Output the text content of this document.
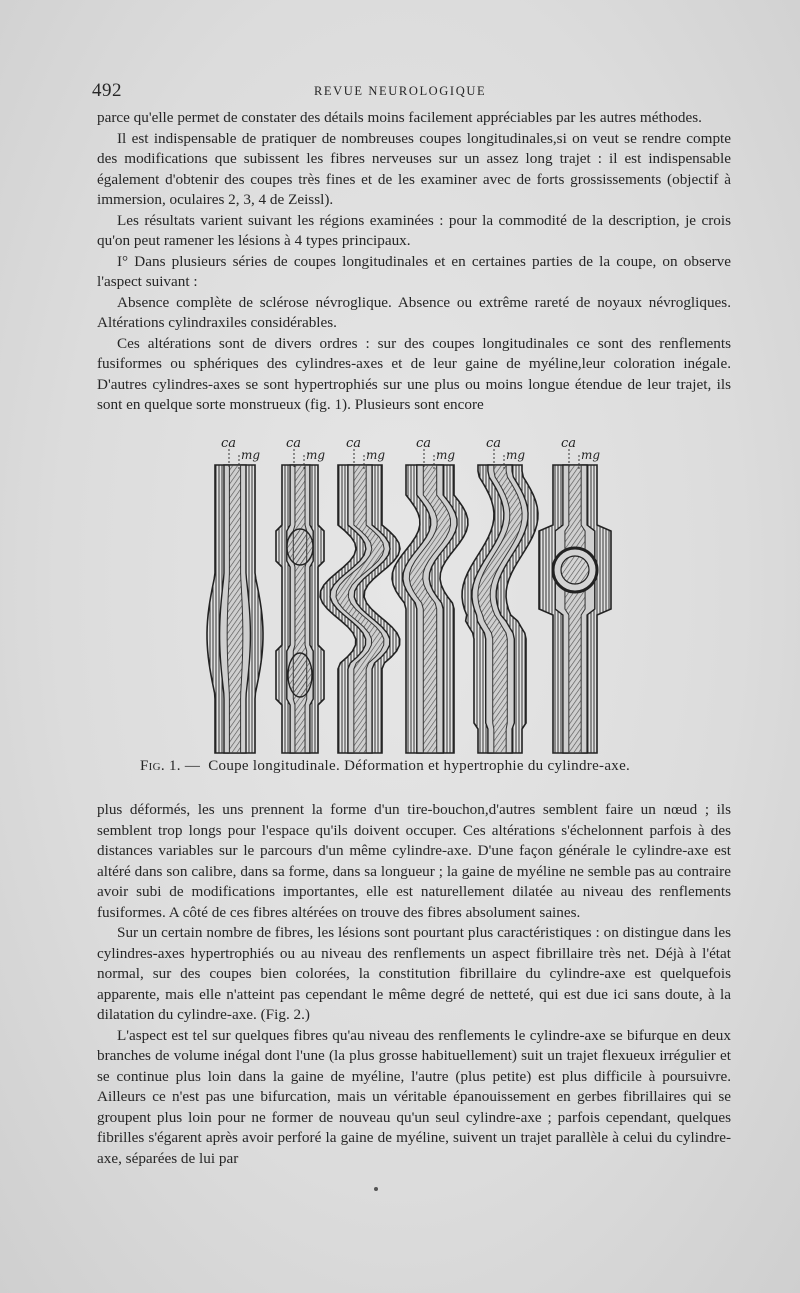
492	REVUE NEUROLOGIQUE

parce qu'elle permet de constater des détails moins facilement appréciables par les autres méthodes.

Il est indispensable de pratiquer de nombreuses coupes longitudinales,si on veut se rendre compte des modifications que subissent les fibres nerveuses sur un assez long trajet : il est indispensable également d'obtenir des coupes très fines et de les examiner avec de forts grossissements (objectif à immersion, oculaires 2, 3, 4 de Zeissl).

Les résultats varient suivant les régions examinées : pour la commodité de la description, je crois qu'on peut ramener les lésions à 4 types principaux.

I° Dans plusieurs séries de coupes longitudinales et en certaines parties de la coupe, on observe l'aspect suivant :

Absence complète de sclérose névroglique. Absence ou extrême rareté de noyaux névrogliques. Altérations cylindraxiles considérables.

Ces altérations sont de divers ordres : sur des coupes longitudinales ce sont des renflements fusiformes ou sphériques des cylindres-axes et de leur gaine de myéline,leur coloration inégale. D'autres cylindres-axes se sont hypertrophiés sur une plus ou moins longue étendue de leur trajet, ils sont en quelque sorte monstrueux (fig. 1). Plusieurs sont encore

ca
mg
ca
mg
ca
mg
ca
mg
ca
mg
ca
mg
Fig. 1. — Coupe longitudinale. Déformation et hypertrophie du cylindre-axe.

plus déformés, les uns prennent la forme d'un tire-bouchon,d'autres semblent faire un nœud ; ils semblent trop longs pour l'espace qu'ils doivent occuper. Ces altérations s'échelonnent parfois à des distances variables sur le parcours d'un même cylindre-axe. D'une façon générale le cylindre-axe est altéré dans son calibre, dans sa forme, dans sa longueur ; la gaine de myéline ne semble pas au contraire avoir subi de modifications importantes, elle est naturellement dilatée au niveau des renflements fusiformes. A côté de ces fibres altérées on trouve des fibres absolument saines.

Sur un certain nombre de fibres, les lésions sont pourtant plus caractéristiques : on distingue dans les cylindres-axes hypertrophiés ou au niveau des renflements un aspect fibrillaire très net. Déjà à l'état normal, sur des coupes bien colorées, la constitution fibrillaire du cylindre-axe est quelquefois apparente, mais elle n'atteint pas cependant le même degré de netteté, qui est due ici sans doute, à la dilatation du cylindre-axe. (Fig. 2.)

L'aspect est tel sur quelques fibres qu'au niveau des renflements le cylindre-axe se bifurque en deux branches de volume inégal dont l'une (la plus grosse habituellement) suit un trajet flexueux irrégulier et se continue plus loin dans la gaine de myéline, l'autre (plus petite) est plus difficile à poursuivre. Ailleurs ce n'est pas une bifurcation, mais un véritable épanouissement en gerbes fibrillaires qui se groupent plus loin pour ne former de nouveau qu'un seul cylindre-axe ; parfois cependant, quelques fibrilles s'égarent après avoir perforé la gaine de myéline, suivent un trajet parallèle à celui du cylindre-axe, séparées de lui par
